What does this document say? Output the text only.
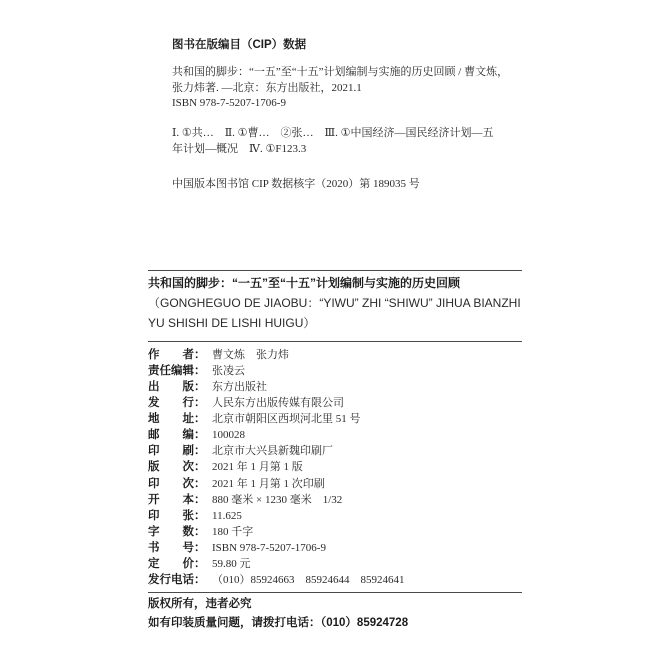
图书在版编目（CIP）数据
共和国的脚步：“一五”至“十五”计划编制与实施的历史回顾 / 曹文炼，
张力炜著. —北京：东方出版社，2021.1
ISBN 978-7-5207-1706-9
Ⅰ. ①共…　Ⅱ. ①曹…　②张…　Ⅲ. ①中国经济—国民经济计划—五
年计划—概况　Ⅳ. ①F123.3
中国版本图书馆 CIP 数据核字（2020）第 189035 号
共和国的脚步：“一五”至“十五”计划编制与实施的历史回顾
（GONGHEGUO DE JIAOBU：“YIWU” ZHI “SHIWU” JIHUA BIANZHI
YU SHISHI DE LISHI HUIGU）
作　　者： 曹文炼　张力炜
责任编辑： 张凌云
出　　版： 东方出版社
发　　行： 人民东方出版传媒有限公司
地　　址： 北京市朝阳区西坝河北里 51 号
邮　　编： 100028
印　　刷： 北京市大兴县新魏印刷厂
版　　次： 2021 年 1 月第 1 版
印　　次： 2021 年 1 月第 1 次印刷
开　　本： 880 毫米 × 1230 毫米　1/32
印　　张： 11.625
字　　数： 180 千字
书　　号： ISBN 978-7-5207-1706-9
定　　价： 59.80 元
发行电话： （010）85924663　85924644　85924641
版权所有，违者必究
如有印装质量问题，请拨打电话：（010）85924728
